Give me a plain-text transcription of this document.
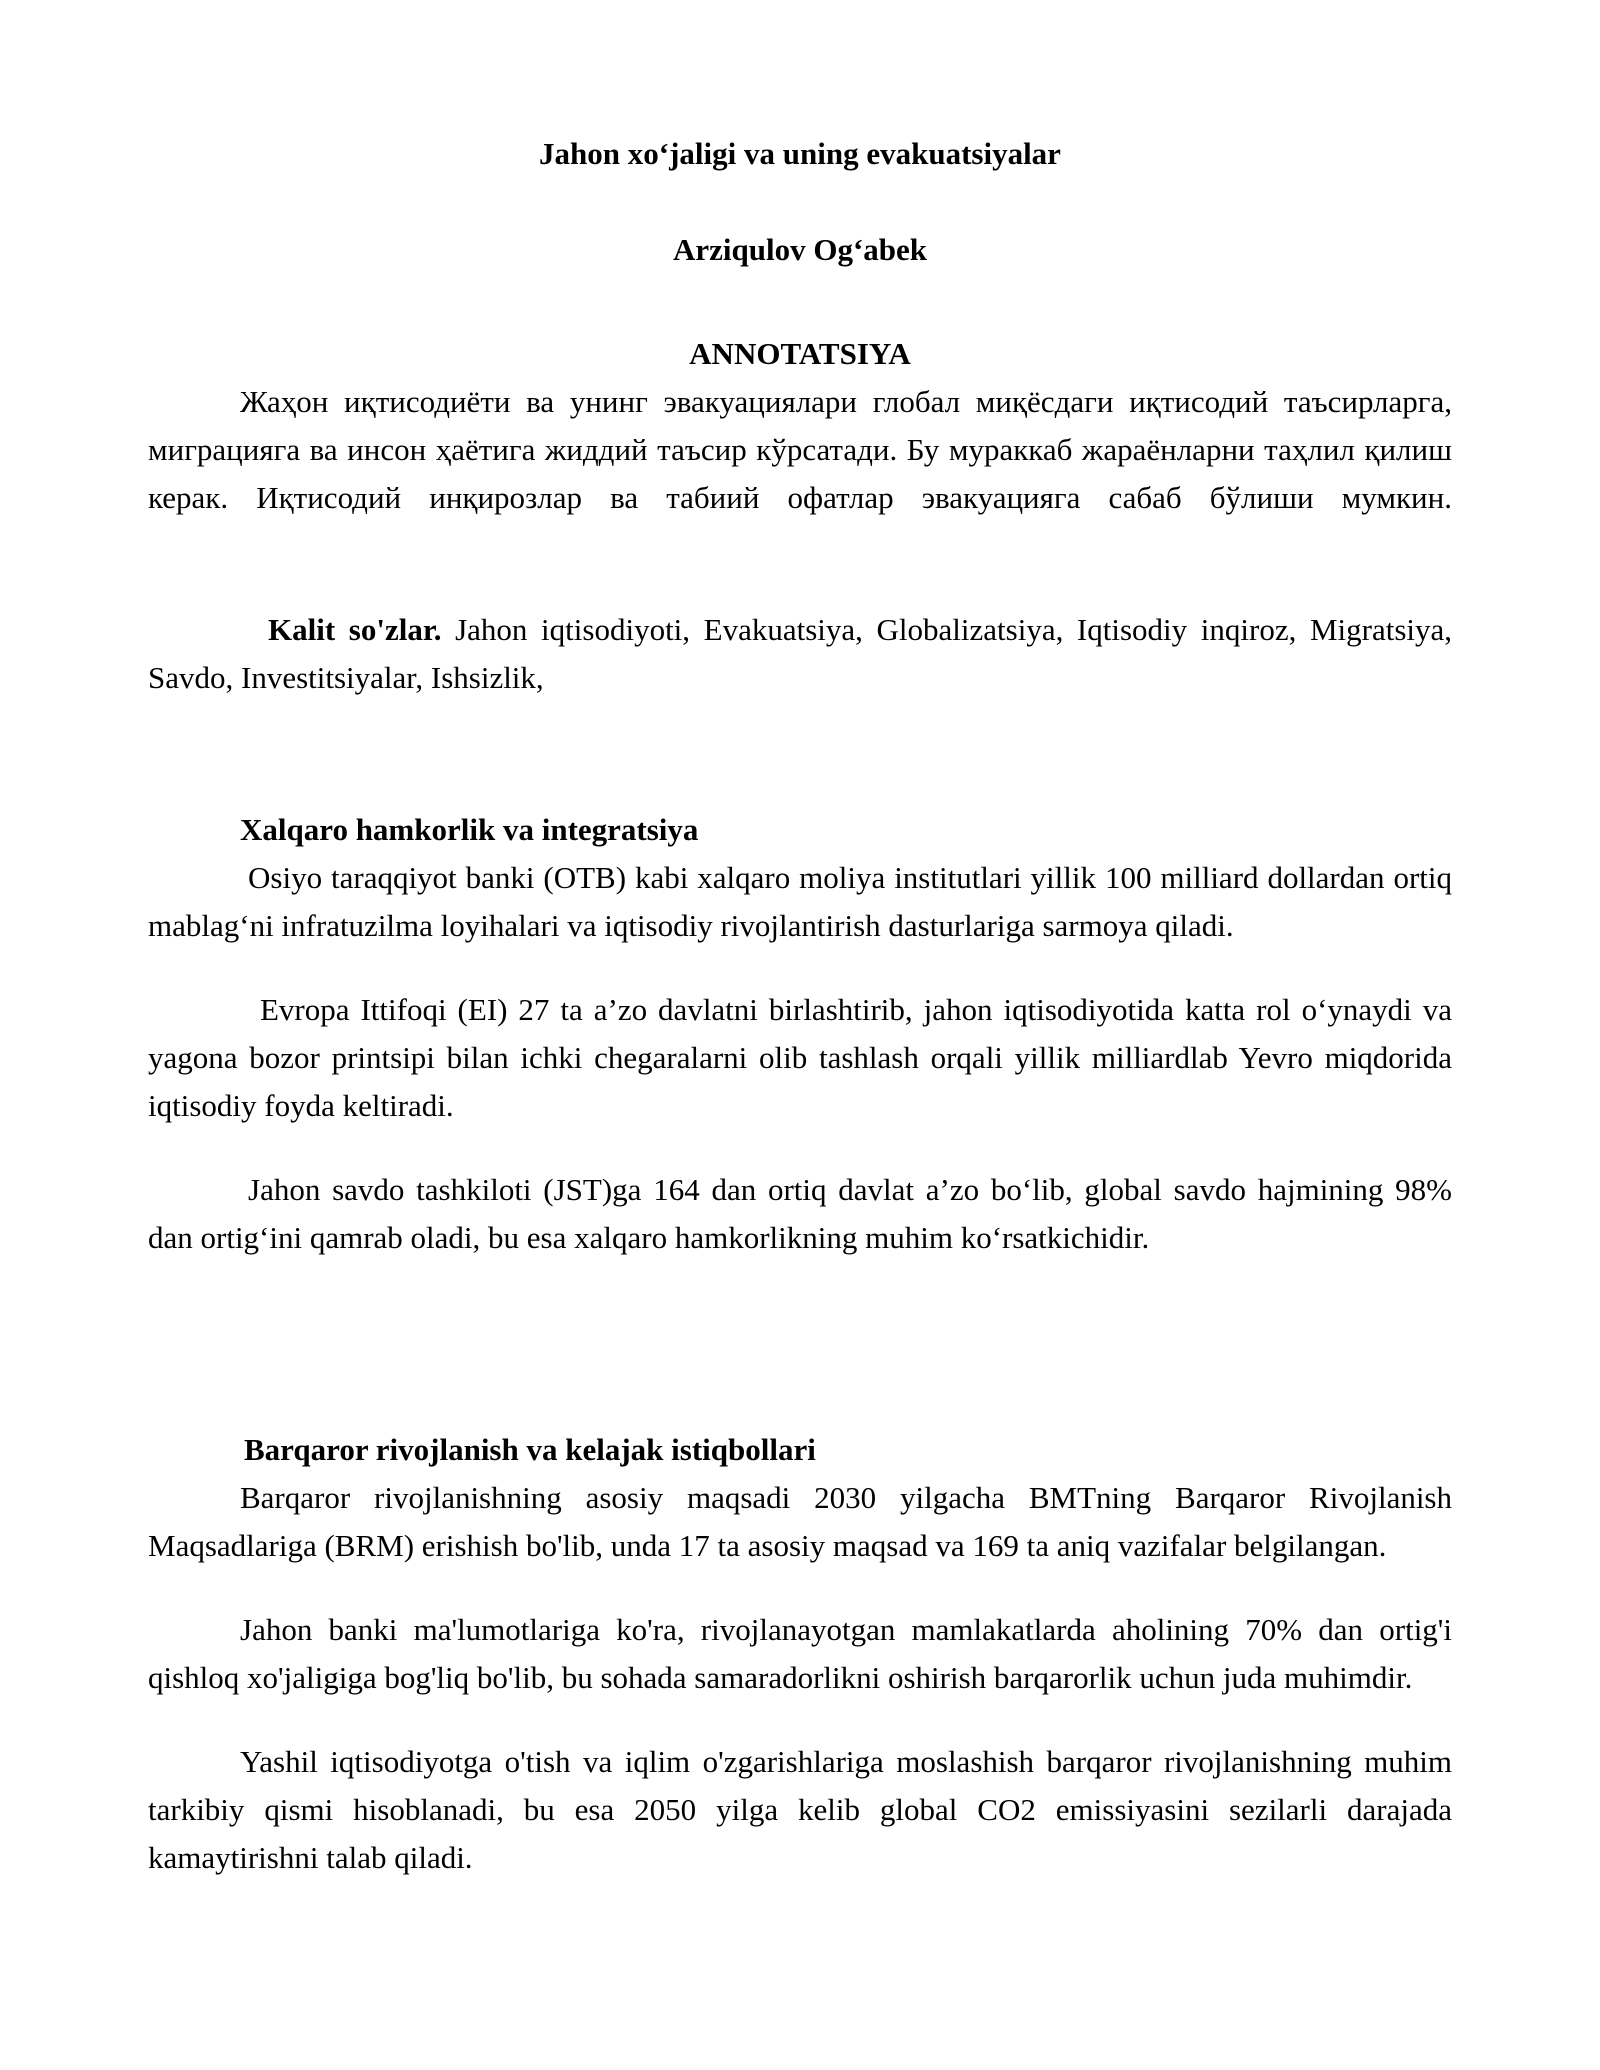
Jahon xo‘jaligi va uning evakuatsiyalar
Arziqulov Og‘abek
ANNOTATSIYA

Жаҳон иқтисодиёти ва унинг эвакуациялари глобал миқёсдаги иқтисодий таъсирларга, миграцияга ва инсон ҳаётига жиддий таъсир кўрсатади. Бу мураккаб жараёнларни таҳлил қилиш керак. Иқтисодий инқирозлар ва табиий офатлар эвакуацияга сабаб бўлиши мумкин.

Kalit so'zlar. Jahon iqtisodiyoti, Evakuatsiya, Globalizatsiya, Iqtisodiy inqiroz, Migratsiya, Savdo, Investitsiyalar, Ishsizlik,

Xalqaro hamkorlik va integratsiya

Osiyo taraqqiyot banki (OTB) kabi xalqaro moliya institutlari yillik 100 milliard dollardan ortiq mablag‘ni infratuzilma loyihalari va iqtisodiy rivojlantirish dasturlariga sarmoya qiladi.

Evropa Ittifoqi (EI) 27 ta a’zo davlatni birlashtirib, jahon iqtisodiyotida katta rol o‘ynaydi va yagona bozor printsipi bilan ichki chegaralarni olib tashlash orqali yillik milliardlab Yevro miqdorida iqtisodiy foyda keltiradi.

Jahon savdo tashkiloti (JST)ga 164 dan ortiq davlat a’zo bo‘lib, global savdo hajmining 98% dan ortig‘ini qamrab oladi, bu esa xalqaro hamkorlikning muhim ko‘rsatkichidir.

Barqaror rivojlanish va kelajak istiqbollari

Barqaror rivojlanishning asosiy maqsadi 2030 yilgacha BMTning Barqaror Rivojlanish Maqsadlariga (BRM) erishish bo'lib, unda 17 ta asosiy maqsad va 169 ta aniq vazifalar belgilangan.

Jahon banki ma'lumotlariga ko'ra, rivojlanayotgan mamlakatlarda aholining 70% dan ortig'i qishloq xo'jaligiga bog'liq bo'lib, bu sohada samaradorlikni oshirish barqarorlik uchun juda muhimdir.

Yashil iqtisodiyotga o'tish va iqlim o'zgarishlariga moslashish barqaror rivojlanishning muhim tarkibiy qismi hisoblanadi, bu esa 2050 yilga kelib global CO2 emissiyasini sezilarli darajada kamaytirishni talab qiladi.
